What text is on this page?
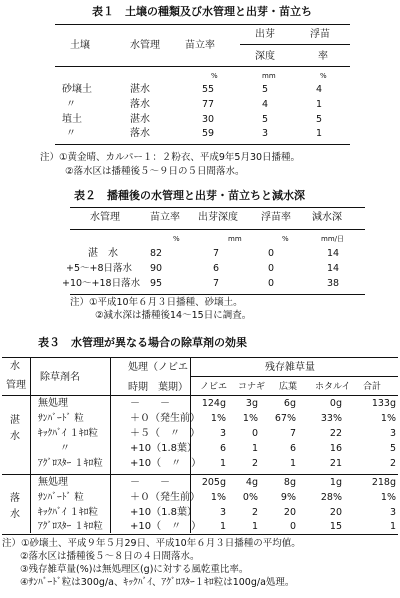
表１　土壌の種類及び水管理と出芽・苗立ち
土壌	水管理	苗立率
出芽
深度
浮苗
率
%	mm	%
砂壌土	湛水	55	5	4
〃	落水	77	4	1
埴土	湛水	30	5	5
〃	落水	59	3	1
注）①黄金晴、カルパー１：２粉衣、平成9年5月30日播種。
②落水区は播種後５～９日の５日間落水。
表２　播種後の水管理と出芽・苗立ちと減水深
水管理	苗立率 出芽深度 浮苗率 減水深
%	mm	%	mm/日
湛　水	82	7	0	14
+5～+8日落水 90	6	0	14
+10～+18日落水 95	7	0	38
注）①平成10年６月３日播種、砂壌土。
②減水深は播種後14～15日に調査。
表３　水管理が異なる場合の除草剤の効果
水
管理
除草剤名
処理（ノビエ
時期　葉期）
残存雑草量
ノビエ コナギ 広葉 ホタルイ 合計
湛
水
無処理	－　　－	124g	3g	6g	0g	133g
ｻﾝﾊﾞｰﾄﾞ 粒	＋０（発生前）	1%	1%	67%	33%	1%
ｷｯｸﾊﾞｲ １ｷﾛ粒	＋５（　〃　）	3	0	7	22	3
〃	+10（1.8葉）	6	1	6	16	5
ｱｸﾞﾛｽﾀｰ １ｷﾛ粒	+10（　〃　）	1	2	1	21	2
落
水
無処理	－　　－	205g	4g	8g	1g	218g
ｻﾝﾊﾞｰﾄﾞ 粒	＋０（発生前）	1%	0%	9%	28%	1%
ｷｯｸﾊﾞｲ １ｷﾛ粒	+10（1.8葉）	3	2	20	20	3
ｱｸﾞﾛｽﾀｰ １ｷﾛ粒	+10（　〃　）	1	1	0	15	1
注）①砂壌土、平成９年５月29日、平成10年６月３日播種の平均値。
②落水区は播種後５～８日の４日間落水。
③残存雑草量(%)は無処理区(g)に対する風乾重比率。
④ｻﾝﾊﾞｰﾄﾞ粒は300g/a、ｷｯｸﾊﾞｲ、ｱｸﾞﾛｽﾀｰ１ｷﾛ粒は100g/a処理。
